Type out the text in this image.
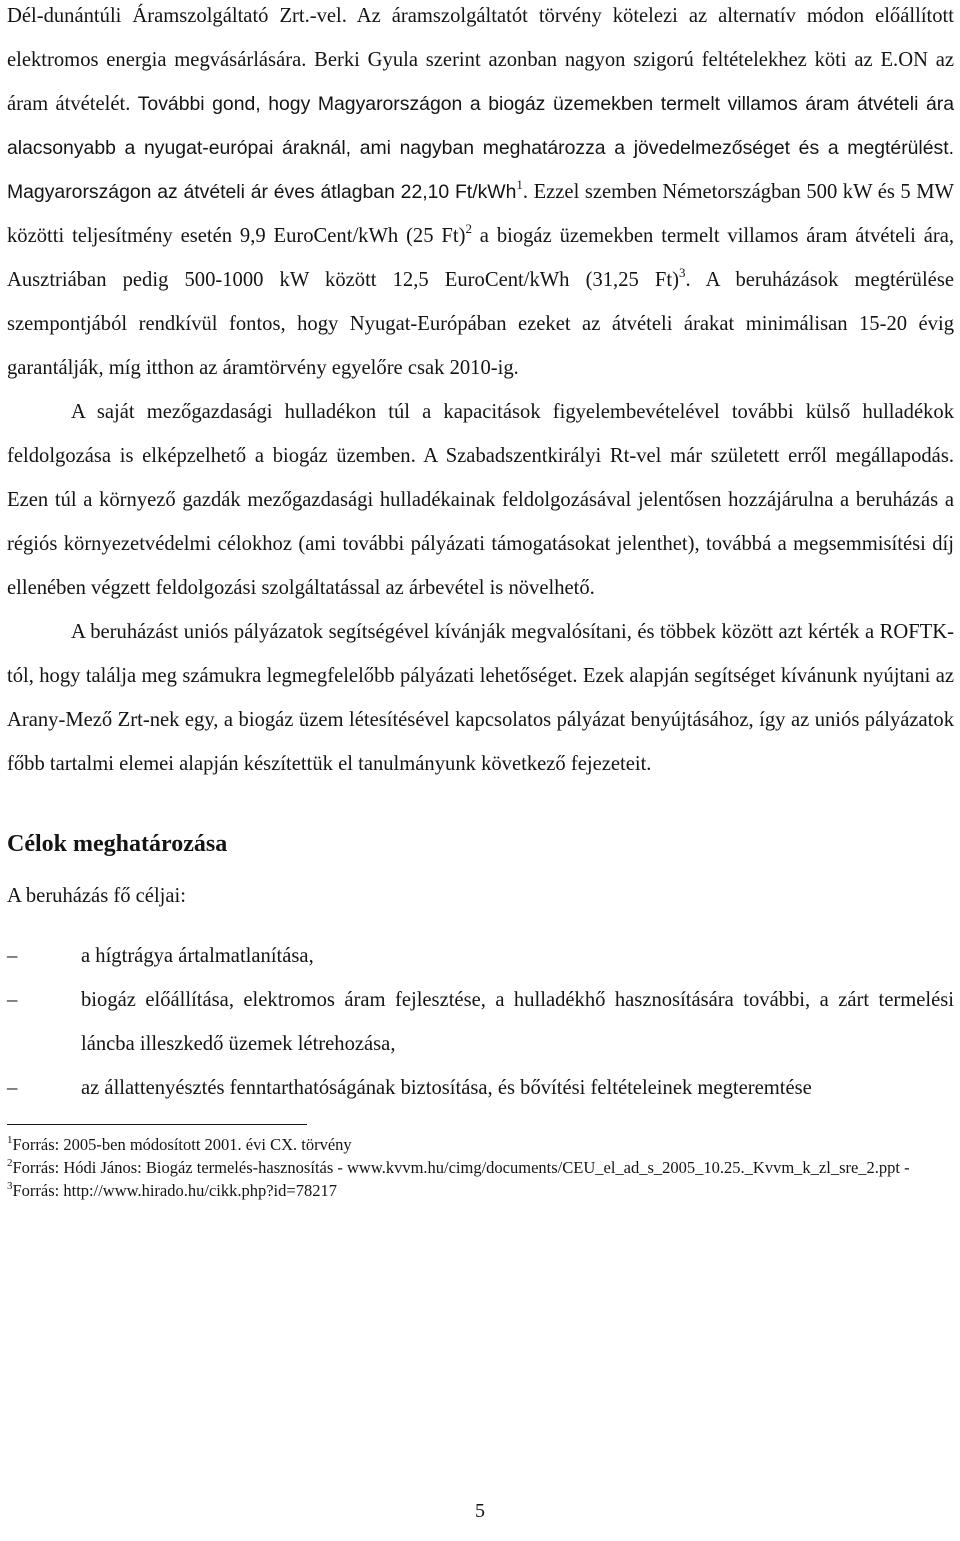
Dél-dunántúli Áramszolgáltató Zrt.-vel. Az áramszolgáltatót törvény kötelezi az alternatív módon előállított elektromos energia megvásárlására. Berki Gyula szerint azonban nagyon szigorú feltételekhez köti az E.ON az áram átvételét. További gond, hogy Magyarországon a biogáz üzemekben termelt villamos áram átvételi ára alacsonyabb a nyugat-európai áraknál, ami nagyban meghatározza a jövedelmezőséget és a megtérülést. Magyarországon az átvételi ár éves átlagban 22,10 Ft/kWh$^1$. Ezzel szemben Németországban 500 kW és 5 MW közötti teljesítmény esetén 9,9 EuroCent/kWh (25 Ft)$^2$ a biogáz üzemekben termelt villamos áram átvételi ára, Ausztriában pedig 500-1000 kW között 12,5 EuroCent/kWh (31,25 Ft)$^3$. A beruházások megtérülése szempontjából rendkívül fontos, hogy Nyugat-Európában ezeket az átvételi árakat minimálisan 15-20 évig garantálják, míg itthon az áramtörvény egyelőre csak 2010-ig.

A saját mezőgazdasági hulladékon túl a kapacitások figyelembevételével további külső hulladékok feldolgozása is elképzelhető a biogáz üzemben. A Szabadszentkirályi Rt-vel már született erről megállapodás. Ezen túl a környező gazdák mezőgazdasági hulladékainak feldolgozásával jelentősen hozzájárulna a beruházás a régiós környezetvédelmi célokhoz (ami további pályázati támogatásokat jelenthet), továbbá a megsemmisítési díj ellenében végzett feldolgozási szolgáltatással az árbevétel is növelhető.

A beruházást uniós pályázatok segítségével kívánják megvalósítani, és többek között azt kérték a ROFTK-tól, hogy találja meg számukra legmegfelelőbb pályázati lehetőséget. Ezek alapján segítséget kívánunk nyújtani az Arany-Mező Zrt-nek egy, a biogáz üzem létesítésével kapcsolatos pályázat benyújtásához, így az uniós pályázatok főbb tartalmi elemei alapján készítettük el tanulmányunk következő fejezeteit.

Célok meghatározása

A beruházás fő céljai:

–	a hígtrágya ártalmatlanítása,
–	biogáz előállítása, elektromos áram fejlesztése, a hulladékhő hasznosítására további, a zárt termelési láncba illeszkedő üzemek létrehozása,
–	az állattenyésztés fenntarthatóságának biztosítása, és bővítési feltételeinek megteremtése

$^1$Forrás: 2005-ben módosított 2001. évi CX. törvény

$^2$Forrás: Hódi János: Biogáz termelés-hasznosítás - www.kvvm.hu/cimg/documents/CEU_el_ad_s_2005_10.25._Kvvm_k_zl_sre_2.ppt -

$^3$Forrás: http://www.hirado.hu/cikk.php?id=78217

5
